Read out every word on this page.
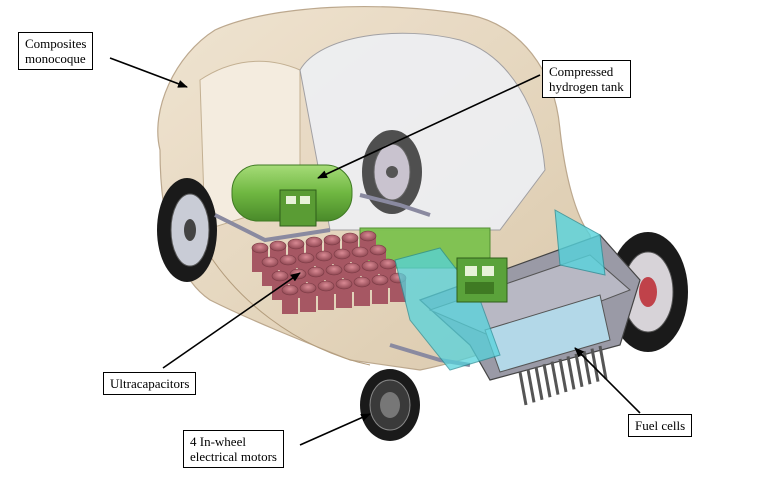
Composites
monocoque
Compressed
hydrogen tank
Ultracapacitors
4 In-wheel
electrical motors
Fuel cells
